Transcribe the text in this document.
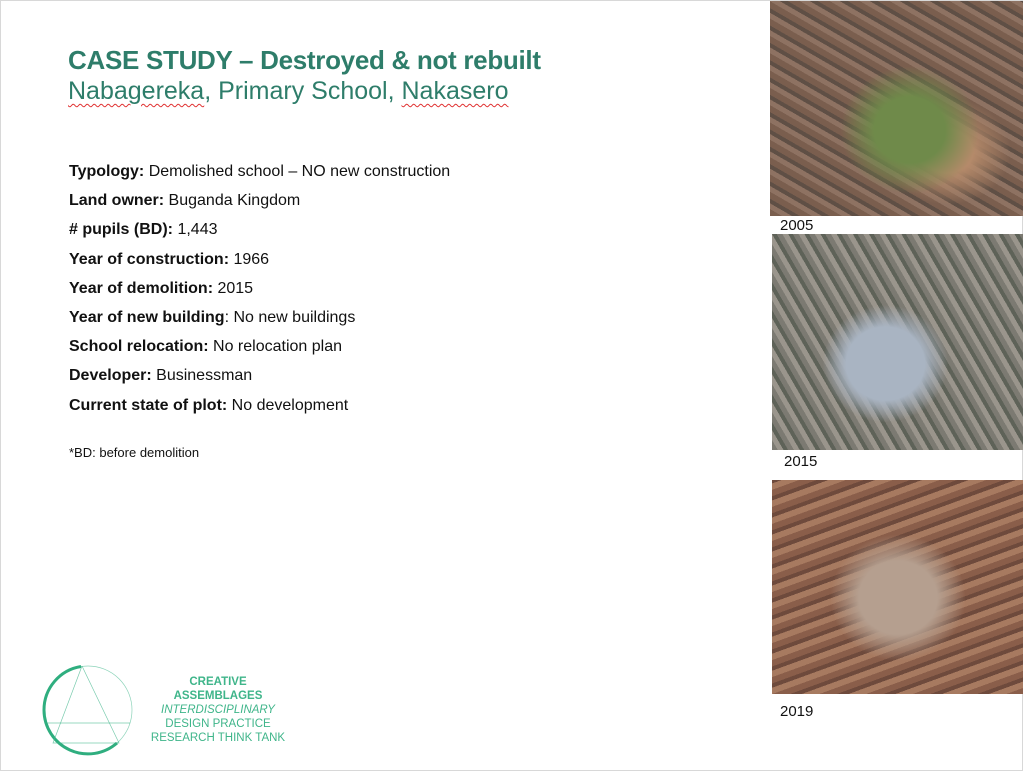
CASE STUDY – Destroyed & not rebuilt
Nabagereka, Primary School, Nakasero
Typology: Demolished school – NO new construction
Land owner: Buganda Kingdom
# pupils (BD): 1,443
Year of construction: 1966
Year of demolition: 2015
Year of new building: No new buildings
School relocation: No relocation plan
Developer: Businessman
Current state of plot: No development
*BD: before demolition
2005
2015
2019
CREATIVE ASSEMBLAGES
INTERDISCIPLINARY
DESIGN PRACTICE
RESEARCH THINK TANK
